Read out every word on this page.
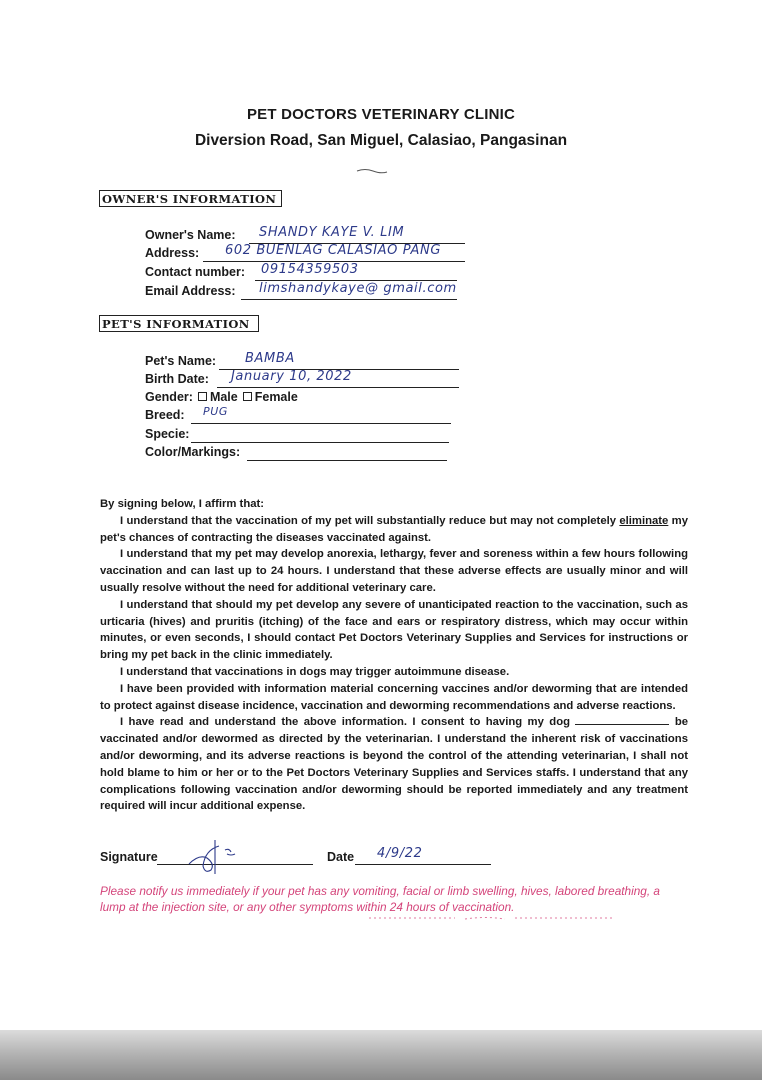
PET DOCTORS VETERINARY CLINIC
Diversion Road, San Miguel, Calasiao, Pangasinan
OWNER'S INFORMATION
Owner's Name: SHANDY KAYE V. LIM
Address: 602 BUENLAG CALASIAO PANG
Contact number: 09154359503
Email Address: limshandykaye@ gmail.com
PET'S INFORMATION
Pet's Name: BAMBA
Birth Date: January 10, 2022
Gender: Male Female
Breed: PUG
Specie:
Color/Markings:

By signing below, I affirm that:

I understand that the vaccination of my pet will substantially reduce but may not completely eliminate my pet's chances of contracting the diseases vaccinated against.

I understand that my pet may develop anorexia, lethargy, fever and soreness within a few hours following vaccination and can last up to 24 hours. I understand that these adverse effects are usually minor and will usually resolve without the need for additional veterinary care.

I understand that should my pet develop any severe of unanticipated reaction to the vaccination, such as urticaria (hives) and pruritis (itching) of the face and ears or respiratory distress, which may occur within minutes, or even seconds, I should contact Pet Doctors Veterinary Supplies and Services for instructions or bring my pet back in the clinic immediately.

I understand that vaccinations in dogs may trigger autoimmune disease.

I have been provided with information material concerning vaccines and/or deworming that are intended to protect against disease incidence, vaccination and deworming recommendations and adverse reactions.

I have read and understand the above information. I consent to having my dog	be vaccinated and/or dewormed as directed by the veterinarian. I understand the inherent risk of vaccinations and/or deworming, and its adverse reactions is beyond the control of the attending veterinarian, I shall not hold blame to him or her or to the Pet Doctors Veterinary Supplies and Services staffs. I understand that any complications following vaccination and/or deworming should be reported immediately and any treatment required will incur additional expense.

Signature	Date 4/9/22
Please notify us immediately if your pet has any vomiting, facial or limb swelling, hives, labored breathing, a lump at the injection site, or any other symptoms within 24 hours of vaccination.
